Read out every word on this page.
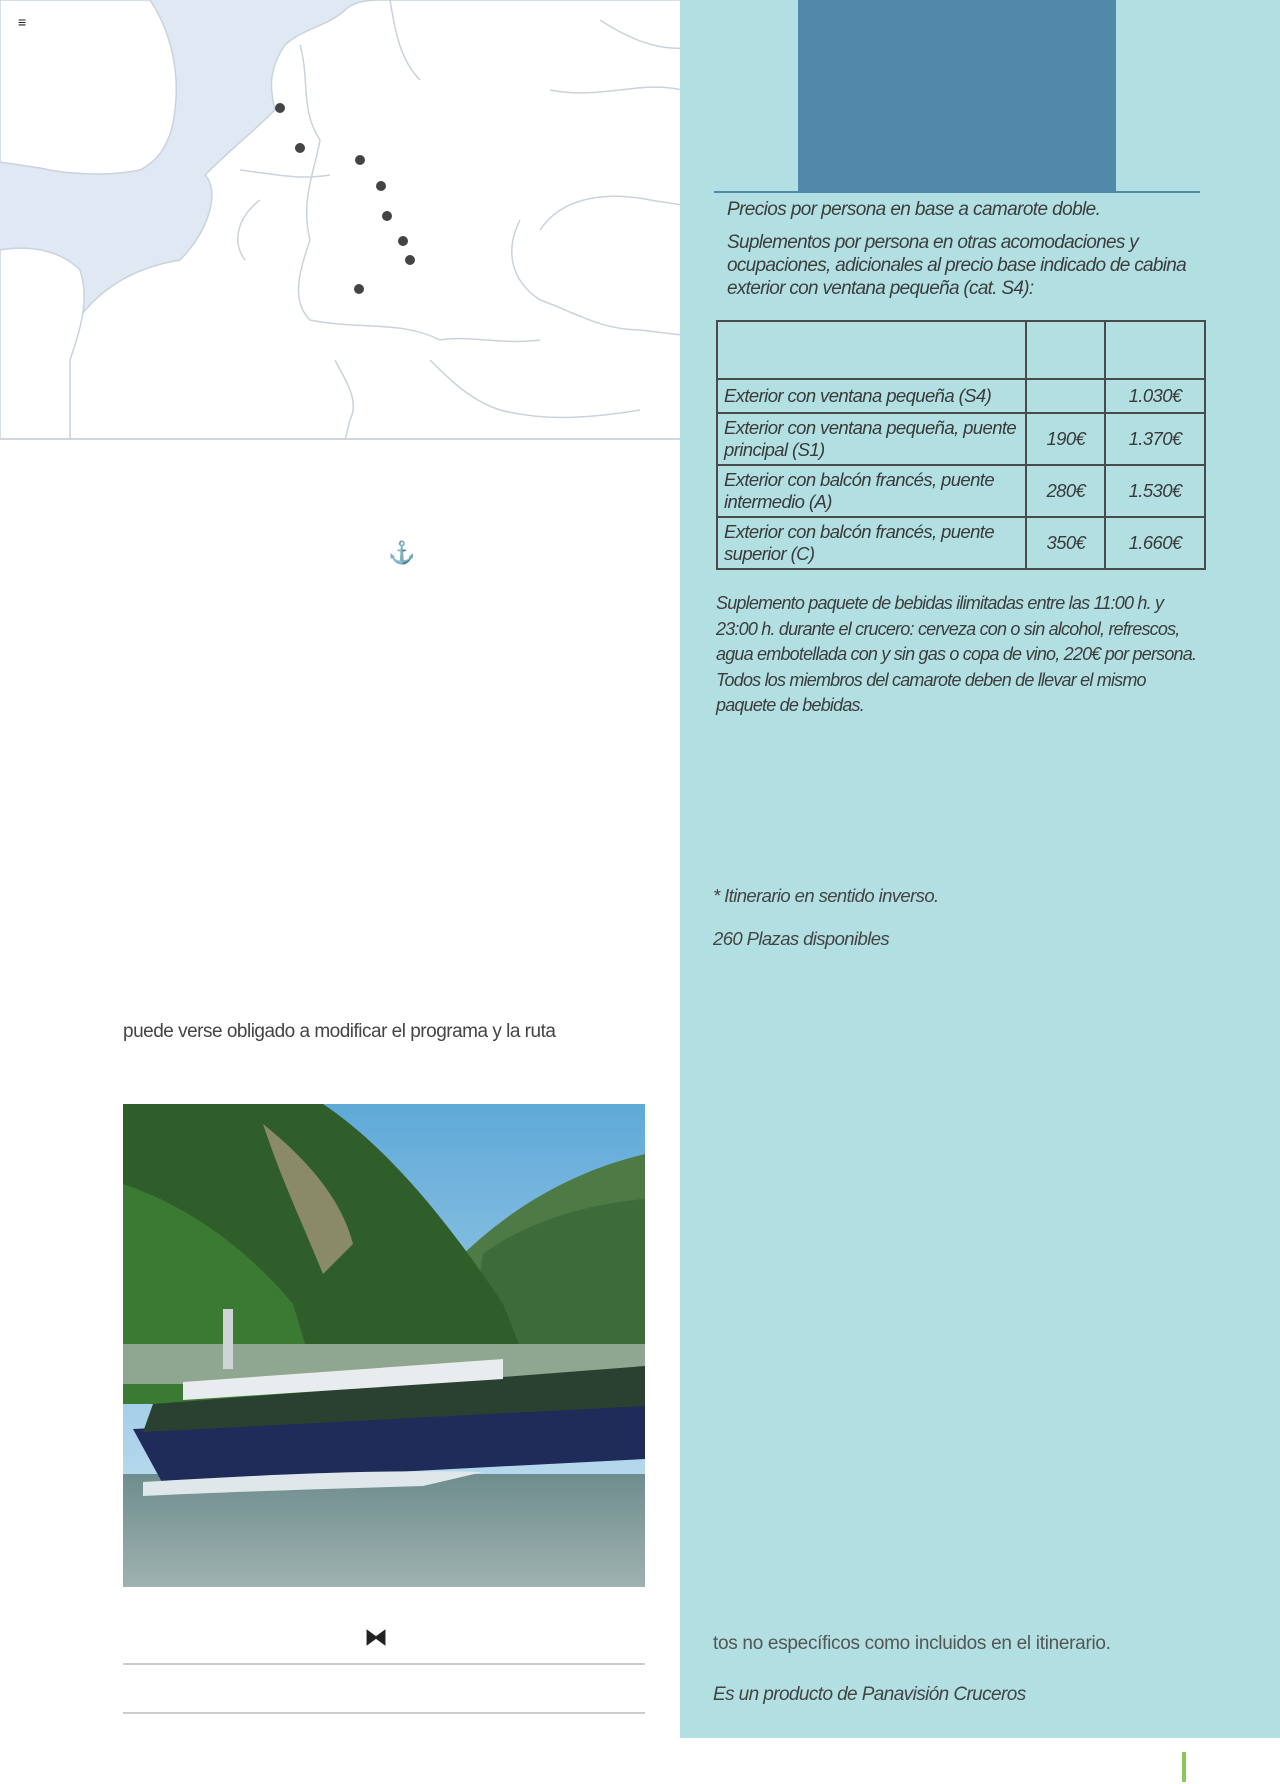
≡
⚓
puede verse obligado a modificar el programa y la ruta
⧓
Precios por persona en base a camarote doble.
Suplementos por persona en otras acomodaciones y ocupaciones, adicionales al precio base indicado de cabina exterior con ventana pequeña (cat. S4):

Exterior con ventana pequeña (S4)		1.030€
Exterior con ventana pequeña, puente principal (S1)	190€	1.370€
Exterior con balcón francés, puente intermedio (A)	280€	1.530€
Exterior con balcón francés, puente superior (C)	350€	1.660€
Suplemento paquete de bebidas ilimitadas entre las 11:00 h. y 23:00 h. durante el crucero: cerveza con o sin alcohol, refrescos, agua embotellada con y sin gas o copa de vino, 220€ por persona. Todos los miembros del camarote deben de llevar el mismo paquete de bebidas.
* Itinerario en sentido inverso.
260 Plazas disponibles
tos no específicos como incluidos en el itinerario.
Es un producto de Panavisión Cruceros
